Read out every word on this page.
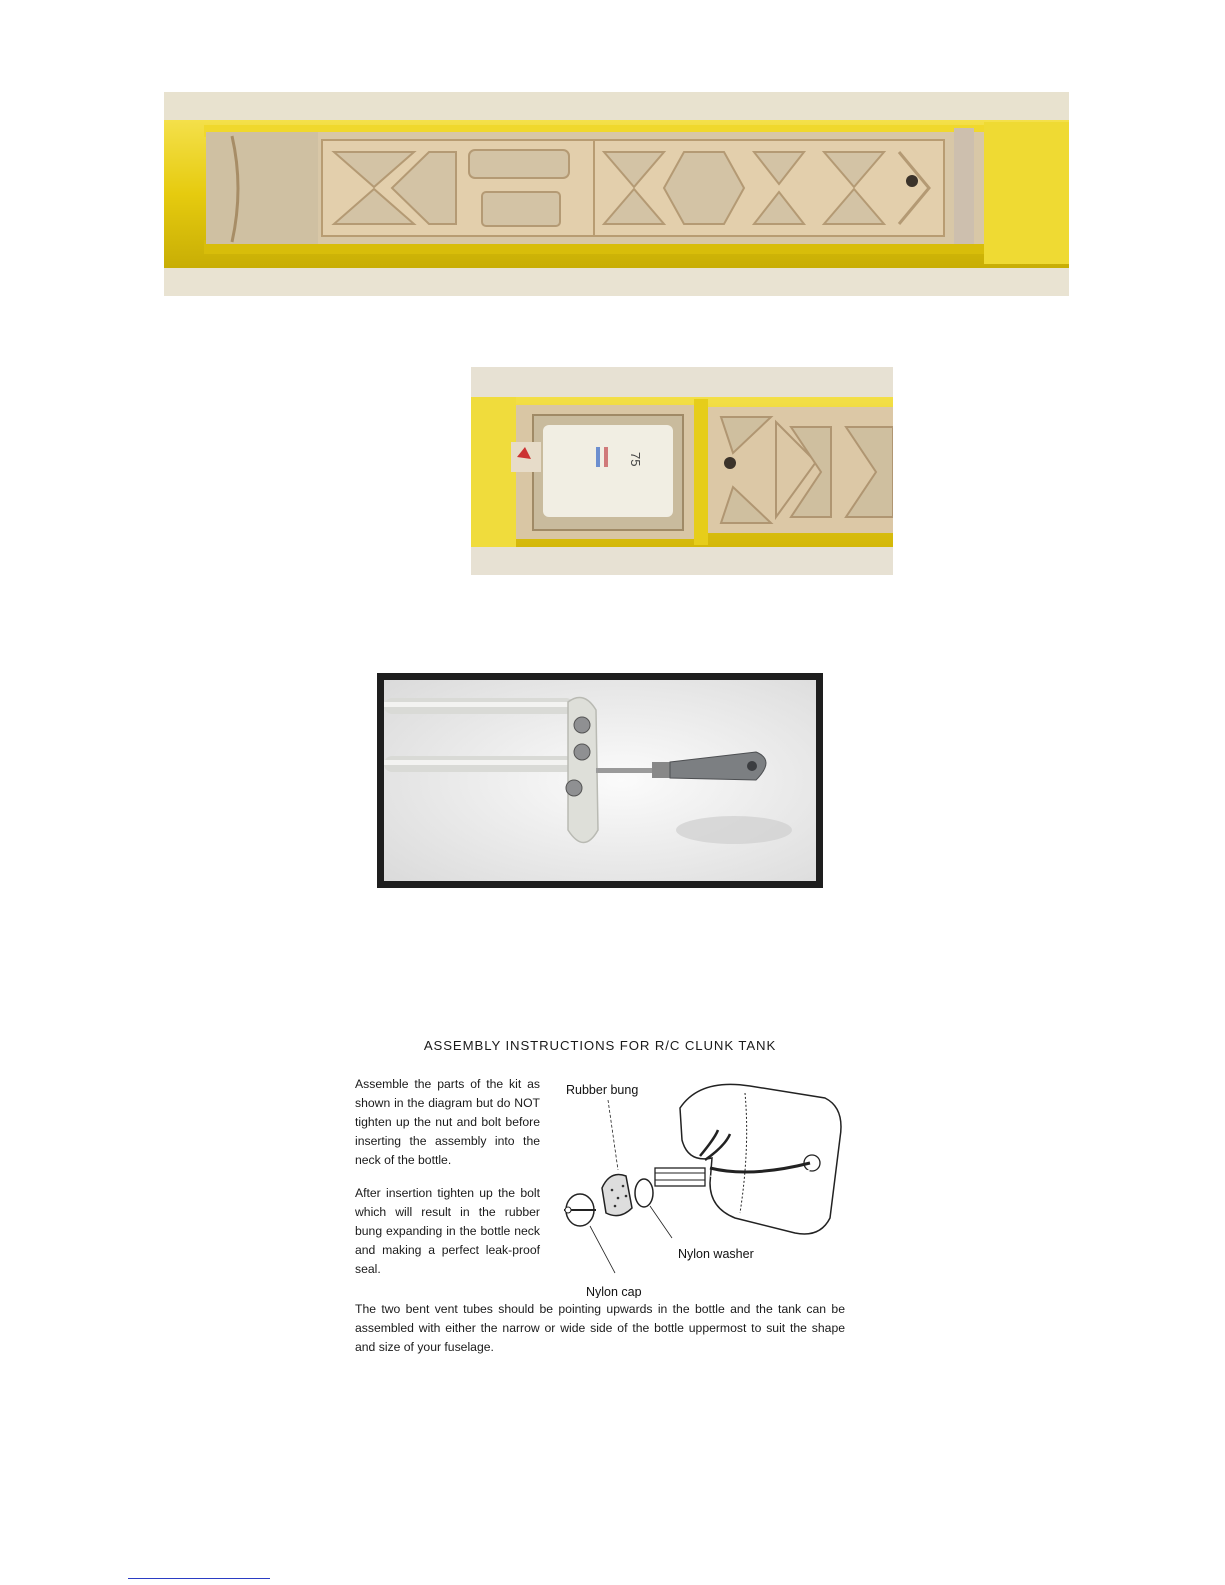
75
ASSEMBLY INSTRUCTIONS FOR R/C CLUNK TANK

Assemble the parts of the kit as shown in the diagram but do NOT tighten up the nut and bolt before inserting the assembly into the neck of the bottle.

After insertion tighten up the bolt which will result in the rubber bung expanding in the bottle neck and making a perfect leak-proof seal.

Rubber bung
Nylon washer
Nylon cap

The two bent vent tubes should be pointing upwards in the bottle and the tank can be assembled with either the narrow or wide side of the bottle uppermost to suit the shape and size of your fuselage.
